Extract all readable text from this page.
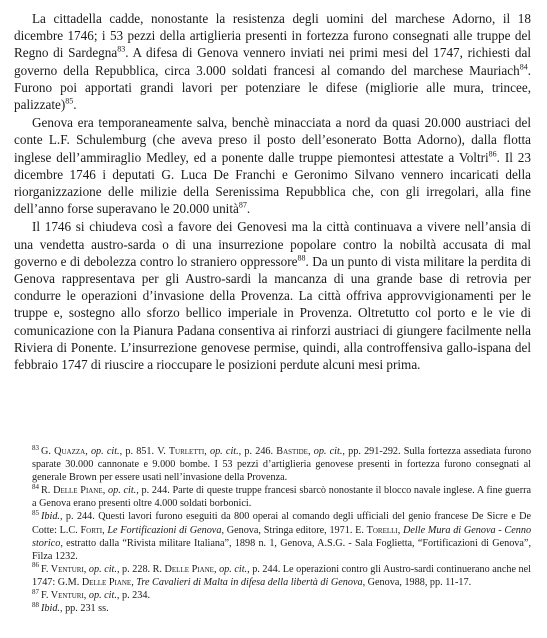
La cittadella cadde, nonostante la resistenza degli uomini del marchese Adorno, il 18 dicembre 1746; i 53 pezzi della artiglieria presenti in fortezza furono consegnati alle truppe del Regno di Sardegna$^{83}$. A difesa di Genova vennero inviati nei primi mesi del 1747, richiesti dal governo della Repubblica, circa 3.000 soldati francesi al comando del marchese Mauriach$^{84}$. Furono poi apportati grandi lavori per potenziare le difese (migliorie alle mura, trincee, palizzate)$^{85}$.

Genova era temporaneamente salva, benchè minacciata a nord da quasi 20.000 austriaci del conte L.F. Schulemburg (che aveva preso il posto dell’esonerato Botta Adorno), dalla flotta inglese dell’ammiraglio Medley, ed a ponente dalle truppe piemontesi attestate a Voltri$^{86}$. Il 23 dicembre 1746 i deputati G. Luca De Franchi e Geronimo Silvano vennero incaricati della riorganizzazione delle milizie della Serenissima Repubblica che, con gli irregolari, alla fine dell’anno forse superavano le 20.000 unità$^{87}$.

Il 1746 si chiudeva così a favore dei Genovesi ma la città continuava a vivere nell’ansia di una vendetta austro-sarda o di una insurrezione popolare contro la nobiltà accusata di mal governo e di debolezza contro lo straniero oppressore$^{88}$. Da un punto di vista militare la perdita di Genova rappresentava per gli Austro-sardi la mancanza di una grande base di retrovia per condurre le operazioni d’invasione della Provenza. La città offriva approvvigionamenti per le truppe e, sostegno allo sforzo bellico imperiale in Provenza. Oltretutto col porto e le vie di comunicazione con la Pianura Padana consentiva ai rinforzi austriaci di giungere facilmente nella Riviera di Ponente. L’insurrezione genovese permise, quindi, alla controffensiva gallo-ispana del febbraio 1747 di riuscire a rioccupare le posizioni perdute alcuni mesi prima.

$^{83}$ G. Quazza, op. cit., p. 851. V. Turletti, op. cit., p. 246. Bastide, op. cit., pp. 291-292. Sulla fortezza assediata furono sparate 30.000 cannonate e 9.000 bombe. I 53 pezzi d’artiglieria genovese presenti in fortezza furono consegnati al generale Brown per essere usati nell’invasione della Provenza.

$^{84}$ R. Delle Piane, op. cit., p. 244. Parte di queste truppe francesi sbarcò nonostante il blocco navale inglese. A fine guerra a Genova erano presenti oltre 4.000 soldati borbonici.

$^{85}$ Ibid., p. 244. Questi lavori furono eseguiti da 800 operai al comando degli ufficiali del genio francese De Sicre e De Cotte: L.C. Forti, Le Fortificazioni di Genova, Genova, Stringa editore, 1971. E. Torelli, Delle Mura di Genova - Cenno storico, estratto dalla “Rivista militare Italiana”, 1898 n. 1, Genova, A.S.G. - Sala Foglietta, “Fortificazioni di Genova”, Filza 1232.

$^{86}$ F. Venturi, op. cit., p. 228. R. Delle Piane, op. cit., p. 244. Le operazioni contro gli Austro-sardi continuerano anche nel 1747: G.M. Delle Piane, Tre Cavalieri di Malta in difesa della libertà di Genova, Genova, 1988, pp. 11-17.

$^{87}$ F. Venturi, op. cit., p. 234.

$^{88}$ Ibid., pp. 231 ss.
